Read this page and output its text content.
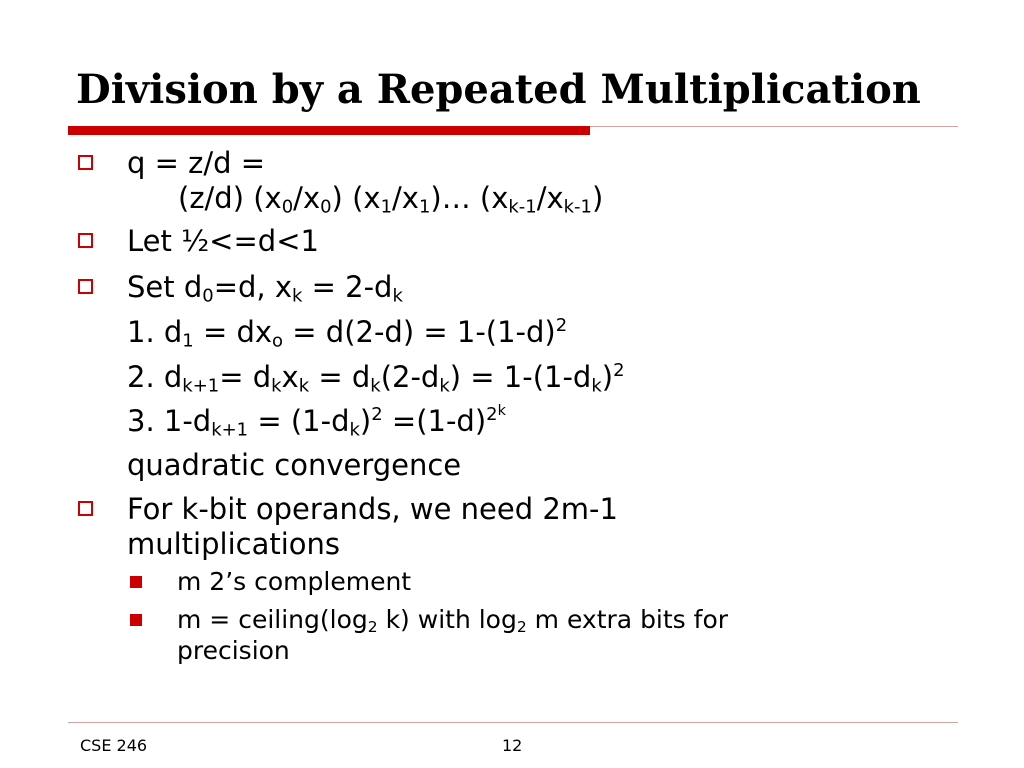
Division by a Repeated Multiplication
q = z/d =
(z/d) $(x_0/x_0)$ $(x_1/x_1)\dots$ $(x_{k-1}/x_{k-1})$
Let ½<=d<1
Set $d_0=d$, $x_k = 2-d_k$
1. $d_1 = dx_o = d(2-d) = 1-(1-d)^2$
2. $d_{k+1}= d_kx_k = d_k(2-d_k) = 1-(1-d_k)^2$
3. $1-d_{k+1} = (1-d_k)^2 =(1-d)^{2^k}$
quadratic convergence
For k-bit operands, we need 2m-1
multiplications
m 2’s complement
$m = ceiling(\log_2$ k) with $\log_2 m$ extra bits for
precision
CSE 246	12
